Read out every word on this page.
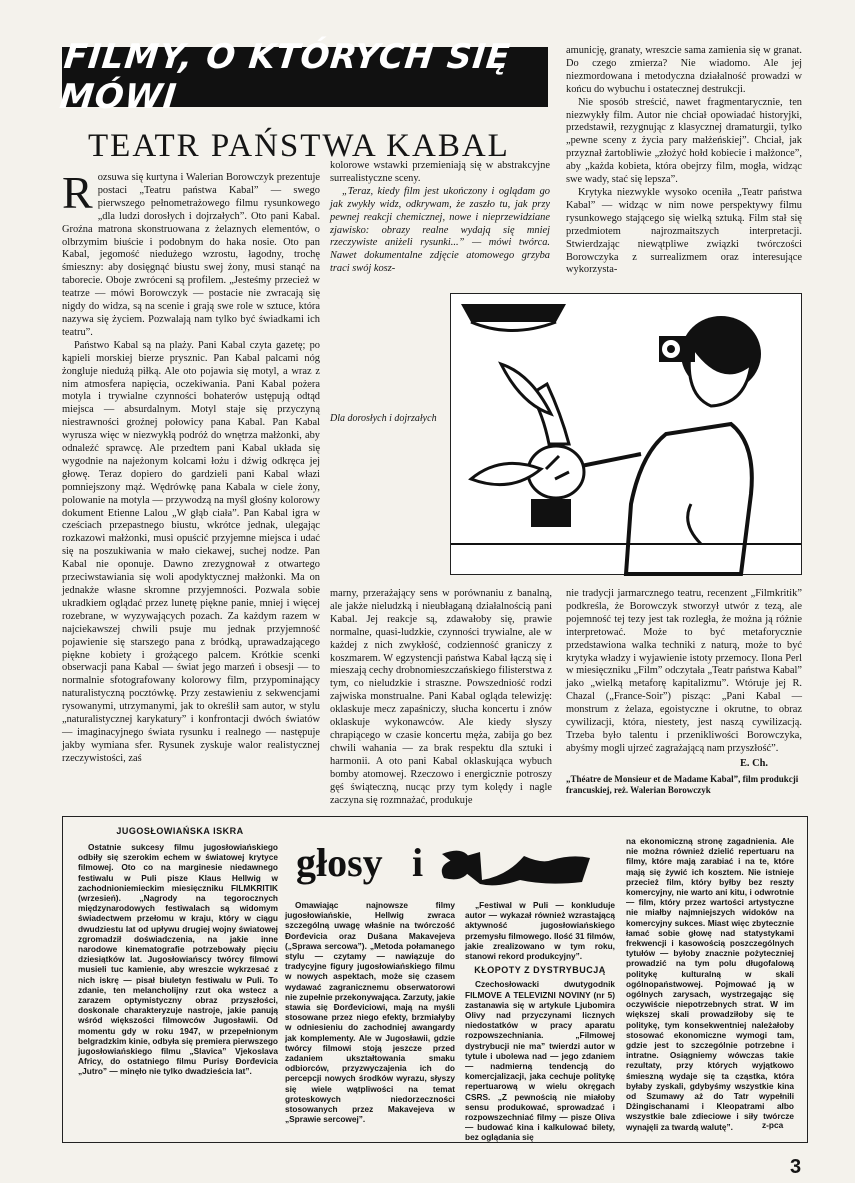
FILMY, O KTÓRYCH SIĘ MÓWI
TEATR PAŃSTWA KABAL

Rozsuwa się kurtyna i Walerian Borowczyk prezentuje postaci „Teatru państwa Kabal” — swego pierwszego pełnometrażowego filmu rysunkowego „dla ludzi dorosłych i dojrzałych”. Oto pani Kabal. Groźna matrona skonstruowana z żelaznych elementów, o olbrzymim biuście i podobnym do haka nosie. Oto pan Kabal, jegomość niedużego wzrostu, łagodny, trochę śmieszny: aby dosięgnąć biustu swej żony, musi stanąć na taborecie. Oboje zwróceni są profilem. „Jesteśmy przecież w teatrze — mówi Borowczyk — postacie nie zwracają się nigdy do widza, są na scenie i grają swe role w sztuce, która nazywa się życiem. Pozwalają nam tylko być świadkami ich teatru”.

Państwo Kabal są na plaży. Pani Kabal czyta gazetę; po kąpieli morskiej bierze prysznic. Pan Kabal palcami nóg żongluje niedużą piłką. Ale oto pojawia się motyl, a wraz z nim atmosfera napięcia, oczekiwania. Pani Kabal pożera motyla i trywialne czynności bohaterów ustępują odtąd miejsca — absurdalnym. Motyl staje się przyczyną niestrawności groźnej połowicy pana Kabal. Pan Kabal wyrusza więc w niezwykłą podróż do wnętrza małżonki, aby odnaleźć sprawcę. Ale przedtem pani Kabal układa się wygodnie na najeżonym kolcami łożu i dźwig odkręca jej głowę. Teraz dopiero do gardzieli pani Kabal włazi pomniejszony mąż. Wędrówkę pana Kabala w ciele żony, polowanie na motyla — przywodzą na myśl głośny kolorowy dokument Etienne Lalou „W głąb ciała”. Pan Kabal igra w cześciach przepastnego biustu, wkrótce jednak, ulegając rozkazowi małżonki, musi opuścić przyjemne miejsca i udać się na poszukiwania w mało ciekawej, suchej nodze. Pan Kabal nie oponuje. Dawno zrezygnował z otwartego przeciwstawiania się woli apodyktycznej małżonki. Ma on jednakże własne skromne przyjemności. Pozwala sobie ukradkiem oglądać przez lunetę piękne panie, mniej i więcej rozebrane, w wyzywających pozach. Za każdym razem w najciekawszej chwili psuje mu jednak przyjemność pojawienie się starszego pana z bródką, uprawadzającego piękne kobiety i grożącego palcem. Krótkie scenki obserwacji pana Kabal — świat jego marzeń i obsesji — to normalnie sfotografowany kolorowy film, przypominający naturalistyczną pocztówkę. Przy zestawieniu z sekwencjami rysowanymi, utrzymanymi, jak to określił sam autor, w stylu „naturalistycznej karykatury” i konfrontacji dwóch światów — imaginacyjnego świata rysunku i realnego — następuje jakby wymiana sfer. Rysunek zyskuje walor realistycznej rzeczywistości, zaś

kolorowe wstawki przemieniają się w abstrakcyjne surrealistyczne sceny.

„Teraz, kiedy film jest ukończony i oglądam go jak zwykły widz, odkrywam, że zaszło tu, jak przy pewnej reakcji chemicznej, nowe i nieprzewidziane zjawisko: obrazy realne wydają się mniej rzeczywiste aniżeli rysunki...” — mówi twórca. Nawet dokumentalne zdjęcie atomowego grzyba traci swój kosz-

amunicję, granaty, wreszcie sama zamienia się w granat. Do czego zmierza? Nie wiadomo. Ale jej niezmordowana i metodyczna działalność prowadzi w końcu do wybuchu i ostatecznej destrukcji.

Nie sposób streścić, nawet fragmentarycznie, ten niezwykły film. Autor nie chciał opowiadać historyjki, przedstawił, rezygnując z klasycznej dramaturgii, tylko „pewne sceny z życia pary małżeńskiej”. Chciał, jak przyznał żartobliwie „złożyć hołd kobiecie i małżonce”, aby „każda kobieta, która obejrzy film, mogła, widząc swe wady, stać się lepsza”.

Krytyka niezwykle wysoko oceniła „Teatr państwa Kabal” — widząc w nim nowe perspektywy filmu rysunkowego stającego się wielką sztuką. Film stał się przedmiotem najrozmaitszych interpretacji. Stwierdzając niewątpliwe związki twórczości Borowczyka z surrealizmem oraz interesujące wykorzysta-

Dla dorosłych i dojrzałych

marny, przerażający sens w porównaniu z banalną, ale jakże nieludzką i nieubłaganą działalnością pani Kabal. Jej reakcje są, zdawałoby się, prawie normalne, quasi-ludzkie, czynności trywialne, ale w każdej z nich zwykłość, codzienność graniczy z koszmarem. W egzystencji państwa Kabal łączą się i mieszają cechy drobnomieszczańskiego filisterstwa z tym, co nieludzkie i straszne. Powszedniość rodzi zajwiska monstrualne. Pani Kabal ogląda telewizję: oklaskuje mecz zapaśniczy, słucha koncertu i znów oklaskuje wykonawców. Ale kiedy słyszy chrapiącego w czasie koncertu męża, zabija go bez chwili wahania — za brak respektu dla sztuki i harmonii. A oto pani Kabal oklaskująca wybuch bomby atomowej. Rzeczowo i energicznie potroszy gęś świąteczną, nucąc przy tym kolędy i nagle zaczyna się rozmnażać, produkuje

nie tradycji jarmarcznego teatru, recenzent „Filmkritik” podkreśla, że Borowczyk stworzył utwór z tezą, ale pojemność tej tezy jest tak rozległa, że można ją różnie interpretować. Może to być metaforycznie przedstawiona walka techniki z naturą, może to być krytyka władzy i wyjawienie istoty przemocy. Ilona Perl w miesięczniku „Film” odczytała „Teatr państwa Kabal” jako „wielką metaforę kapitalizmu”. Wtóruje jej R. Chazal („France-Soir”) pisząc: „Pani Kabal — monstrum z żelaza, egoistyczne i okrutne, to obraz cywilizacji, która, niestety, jest naszą cywilizacją. Trzeba było talentu i przenikliwości Borowczyka, abyśmy mogli ujrzeć zagrażającą nam przyszłość”.

E. Ch.
„Théatre de Monsieur et de Madame Kabal”, film produkcji francuskiej, reż. Walerian Borowczyk
JUGOSŁOWIAŃSKA ISKRA

Ostatnie sukcesy filmu jugosłowiańskiego odbiły się szerokim echem w światowej krytyce filmowej. Oto co na marginesie niedawnego festiwalu w Puli pisze Klaus Hellwig w zachodnioniemieckim miesięczniku FILMKRITIK (wrzesień). „Nagrody na tegorocznych międzynarodowych festiwalach są widomym świadectwem przełomu w kraju, który w ciągu dwudziestu lat od upływu drugiej wojny światowej zgromadził doświadczenia, na jakie inne narodowe kinematografie potrzebowały pięciu dziesiątków lat. Jugosłowiańscy twórcy filmowi musieli tuc kamienie, aby wreszcie wykrzesać z nich iskrę — pisał biuletyn festiwalu w Puli. To zdanie, ten melancholijny rzut oka wstecz a zarazem optymistyczny obraz przyszłości, doskonale charakteryzuje nastroje, jakie panują wśród większości filmowców Jugosławii. Od momentu gdy w roku 1947, w przepełnionym belgradzkim kinie, odbyła się premiera pierwszego jugosłowiańskiego filmu „Slavica” Vjekoslava Africy, do ostatniego filmu Purisy Đorđevicia „Jutro” — minęło nie tylko dwadzieścia lat”.

głosy i

Omawiając najnowsze filmy jugosłowiańskie, Hellwig zwraca szczególną uwagę właśnie na twórczość Đorđevicia oraz Dušana Makavejeva („Sprawa sercowa”). „Metoda połamanego stylu — czytamy — nawiązuje do tradycyjne figury jugosłowiańskiego filmu w nowych aspektach, może się czasem wydawać zagranicznemu obserwatorowi nie zupełnie przekonywająca. Zarzuty, jakie stawia się Đorđeviciowi, mają na myśli stosowane przez niego efekty, brzmiałyby w odniesieniu do zachodniej awangardy jak komplementy. Ale w Jugosławii, gdzie twórcy filmowi stoją jeszcze przed zadaniem ukształtowania smaku odbiorców, przyzwyczajenia ich do percepcji nowych środków wyrazu, słyszy się wiele wątpliwości na temat groteskowych niedorzeczności stosowanych przez Makavejeva w „Sprawie sercowej”.

„Festiwal w Puli — konkluduje autor — wykazał również wzrastającą aktywność jugosłowiańskiego przemysłu filmowego. Ilość 31 filmów, jakie zrealizowano w tym roku, stanowi rekord produkcyjny”.

KŁOPOTY Z DYSTRYBUCJĄ

Czechosłowacki dwutygodnik FILMOVE A TELEVIZNI NOVINY (nr 5) zastanawia się w artykule Ljubomira Olivy nad przyczynami licznych niedostatków w pracy aparatu rozpowszechniania. „Filmowej dystrybucji nie ma” twierdzi autor w tytule i ubolewa nad — jego zdaniem — nadmierną tendencją do komercjalizacji, jaka cechuje politykę repertuarową w wielu okręgach CSRS. „Z pewnością nie miałoby sensu produkować, sprowadzać i rozpowszechniać filmy — pisze Oliva — budować kina i kalkulować bilety, bez oglądania się

na ekonomiczną stronę zagadnienia. Ale nie można również dzielić repertuaru na filmy, które mają zarabiać i na te, które mają się żywić ich kosztem. Nie istnieje przecież film, który byłby bez reszty komercyjny, nie warto ani kitu, i odwrotnie — film, który przez wartości artystyczne nie miałby najmniejszych widoków na komercyjny sukces. Miast więc zbytecznie łamać sobie głowę nad statystykami frekwencji i kasowością poszczególnych tytułów — byłoby znacznie pożyteczniej prowadzić na tym polu długofalową politykę kulturalną w skali ogólnopaństwowej. Pojmować ją w ogólnych zarysach, wystrzegając się oczywiście niepotrzebnych strat. W im większej skali prowadziłoby się te politykę, tym konsekwentniej należałoby stosować ekonomiczne wymogi tam, gdzie jest to szczególnie potrzebne i intratne. Osiągniemy wówczas takie rezultaty, przy których wyjątkowo śmieszną wydaje się ta cząstka, która byłaby zyskali, gdybyśmy wszystkie kina od Szumawy aż do Tatr wypełnili Dżingischanami i Kleopatrami albo wszystkie bale zdieciowe i siły twórcze wynajęli za twardą walutę”.	z-pca
3
